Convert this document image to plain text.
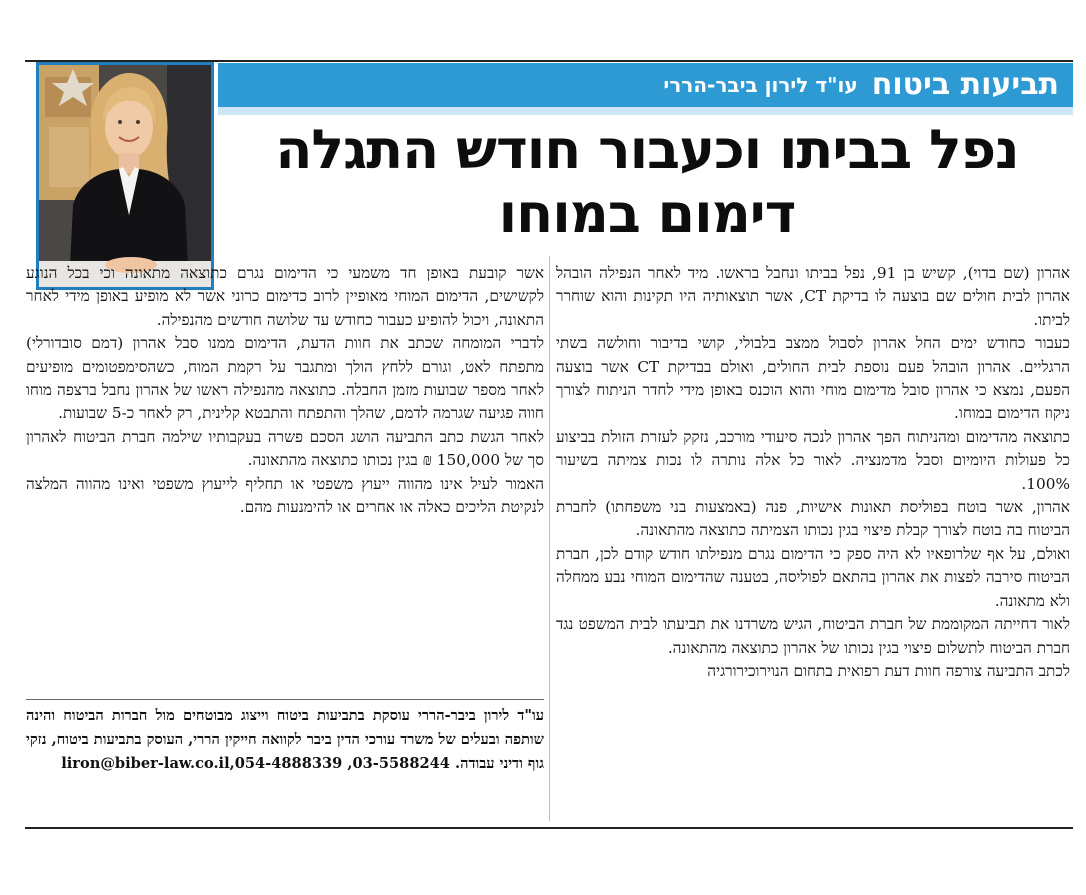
תביעות ביטוח
עו"ד לירון ביבר-הררי
נפל בביתו וכעבור חודש התגלה
דימום במוחו

אהרון (שם בדוי), קשיש בן 91, נפל בביתו ונחבל בראשו. מיד לאחר הנפילה הובהל אהרון לבית חולים שם בוצעה לו בדיקת CT, אשר תוצאותיה היו תקינות והוא שוחרר לביתו.

כעבור כחודש ימים החל אהרון לסבול ממצב בלבולי, קושי בדיבור וחולשה בשתי הרגליים. אהרון הובהל פעם נוספת לבית החולים, ואולם בבדיקת CT אשר בוצעה הפעם, נמצא כי אהרון סובל מדימום מוחי והוא הוכנס באופן מידי לחדר הניתוח לצורך ניקוז הדימום במוחו.

כתוצאה מהדימום ומהניתוח הפך אהרון לנכה סיעודי מורכב, נזקק לעזרת הזולת בביצוע כל פעולות היומיום וסבל מדמנציה. לאור כל אלה נותרה לו נכות צמיתה בשיעור 100%.

אהרון, אשר בוטח בפוליסת תאונות אישיות, פנה (באמצעות בני משפחתו) לחברת הביטוח בה בוטח לצורך קבלת פיצוי בגין נכותו הצמיתה כתוצאה מהתאונה.

ואולם, על אף שלרופאיו לא היה ספק כי הדימום נגרם מנפילתו חודש קודם לכן, חברת הביטוח סירבה לפצות את אהרון בהתאם לפוליסה, בטענה שהדימום המוחי נבע ממחלה ולא מתאונה.

לאור דחייתה המקוממת של חברת הביטוח, הגיש משרדנו את תביעתו לבית המשפט נגד חברת הביטוח לתשלום פיצוי בגין נכותו של אהרון כתוצאה מהתאונה.

לכתב התביעה צורפה חוות דעת רפואית בתחום הנוירוכירורגיה

אשר קובעת באופן חד משמעי כי הדימום נגרם כתוצאה מתאונה וכי בכל הנוגע לקשישים, הדימום המוחי מאופיין לרוב כדימום כרוני אשר לא מופיע באופן מידי לאחר התאונה, ויכול להופיע כעבור כחודש עד שלושה חודשים מהנפילה.

לדברי המומחה שכתב את חוות הדעת, הדימום ממנו סבל אהרון (דמם סובדורלי) מתפתח לאט, וגורם ללחץ הולך ומתגבר על רקמת המוח, כשהסימפטומים מופיעים לאחר מספר שבועות מזמן החבלה. כתוצאה מהנפילה ראשו של אהרון נחבל ברצפה מוחו חווה פגיעה שגרמה לדמם, שהלך והתפתח והתבטא קלינית, רק לאחר כ-5 שבועות.

לאחר הגשת כתב התביעה הושג הסכם פשרה בעקבותיו שילמה חברת הביטוח לאהרון סך של 150,000 ₪ בגין נכותו כתוצאה מהתאונה.

האמור לעיל אינו מהווה ייעוץ משפטי או תחליף לייעוץ משפטי ואינו מהווה המלצה לנקיטת הליכים כאלה או אחרים או להימנעות מהם.

עו"ד לירון ביבר-הררי עוסקת בתביעות ביטוח וייצוג מבוטחים מול חברות הביטוח והינה שותפה ובעלים של משרד עורכי הדין ביבר לקוואה חייקין הררי, העוסק בתביעות ביטוח, נזקי גוף ודיני עבודה. 03-5588244, 054-4888339,liron@biber-law.co.il
